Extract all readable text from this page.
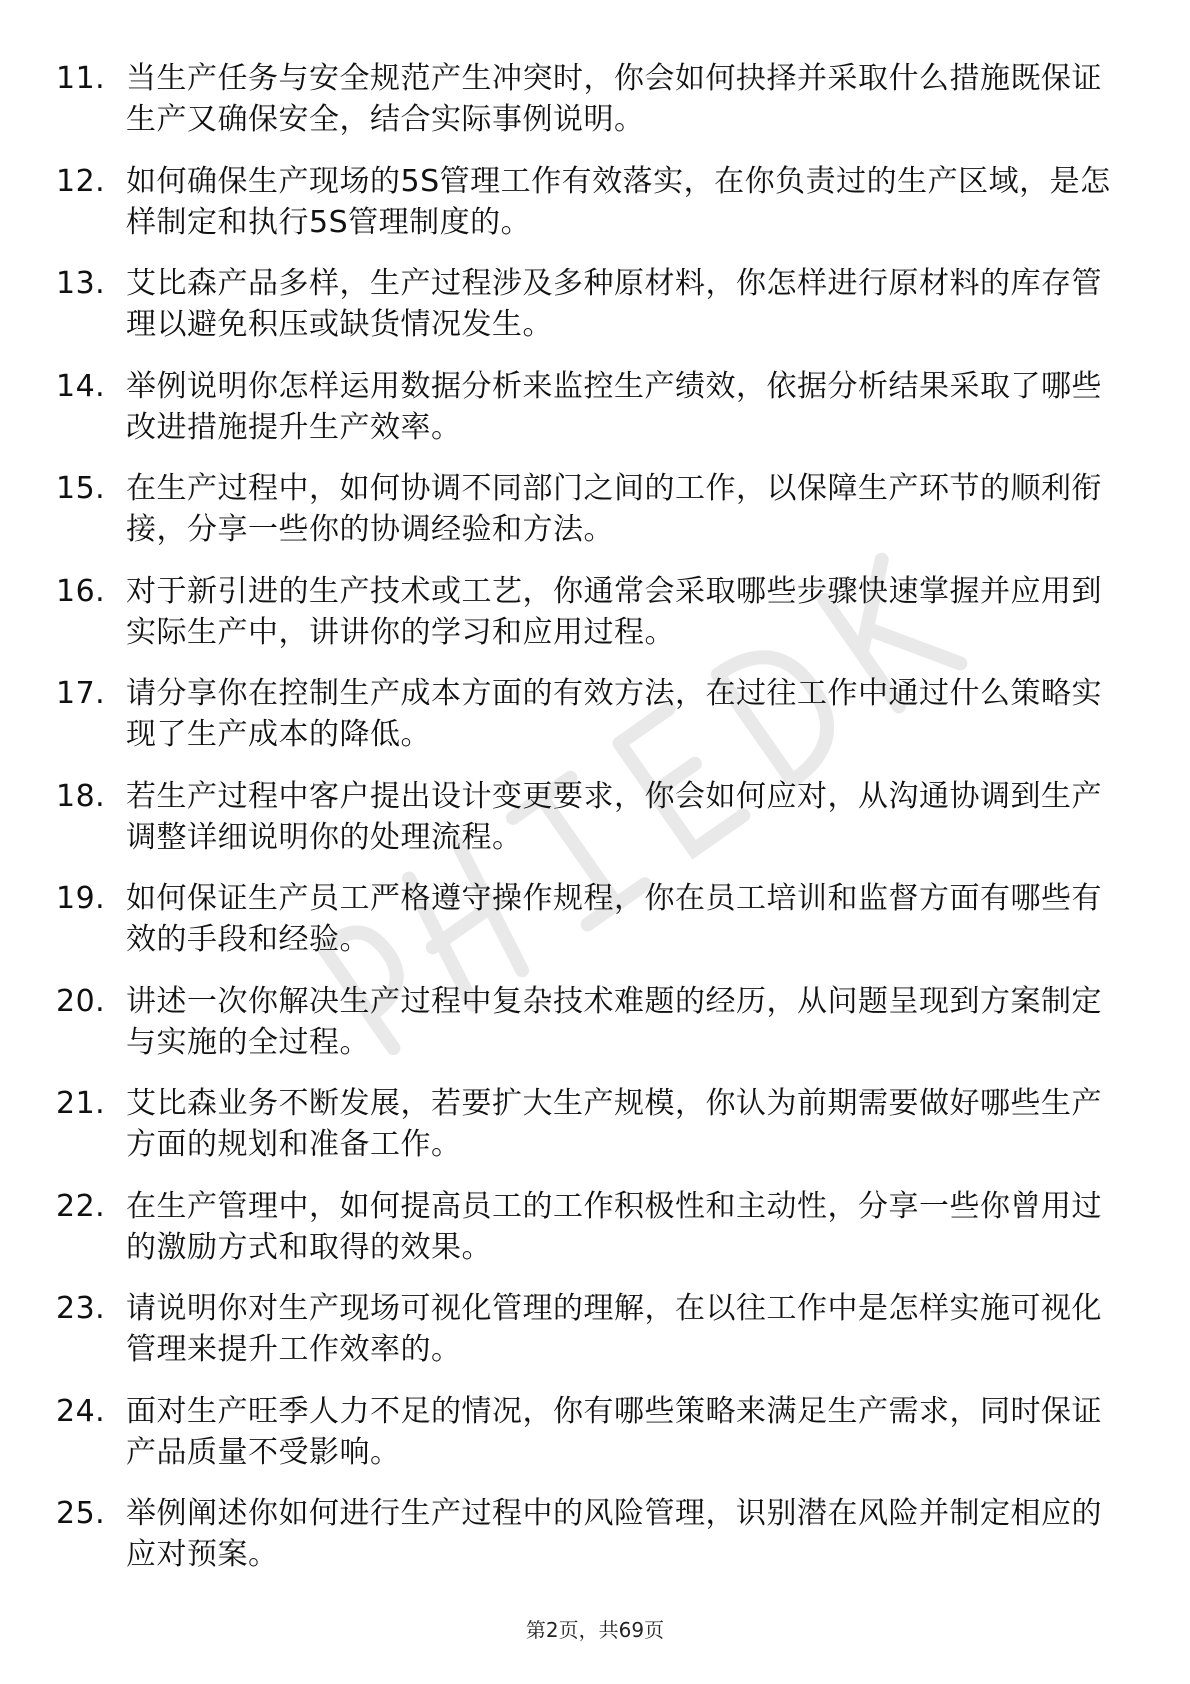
11. 当生产任务与安全规范产生冲突时，你会如何抉择并采取什么措施既保证生产又确保安全，结合实际事例说明。
12. 如何确保生产现场的5S管理工作有效落实，在你负责过的生产区域，是怎样制定和执行5S管理制度的。
13. 艾比森产品多样，生产过程涉及多种原材料，你怎样进行原材料的库存管理以避免积压或缺货情况发生。
14. 举例说明你怎样运用数据分析来监控生产绩效，依据分析结果采取了哪些改进措施提升生产效率。
15. 在生产过程中，如何协调不同部门之间的工作，以保障生产环节的顺利衔接，分享一些你的协调经验和方法。
16. 对于新引进的生产技术或工艺，你通常会采取哪些步骤快速掌握并应用到实际生产中，讲讲你的学习和应用过程。
17. 请分享你在控制生产成本方面的有效方法，在过往工作中通过什么策略实现了生产成本的降低。
18. 若生产过程中客户提出设计变更要求，你会如何应对，从沟通协调到生产调整详细说明你的处理流程。
19. 如何保证生产员工严格遵守操作规程，你在员工培训和监督方面有哪些有效的手段和经验。
20. 讲述一次你解决生产过程中复杂技术难题的经历，从问题呈现到方案制定与实施的全过程。
21. 艾比森业务不断发展，若要扩大生产规模，你认为前期需要做好哪些生产方面的规划和准备工作。
22. 在生产管理中，如何提高员工的工作积极性和主动性，分享一些你曾用过的激励方式和取得的效果。
23. 请说明你对生产现场可视化管理的理解，在以往工作中是怎样实施可视化管理来提升工作效率的。
24. 面对生产旺季人力不足的情况，你有哪些策略来满足生产需求，同时保证产品质量不受影响。
25. 举例阐述你如何进行生产过程中的风险管理，识别潜在风险并制定相应的应对预案。
第2页，共69页
